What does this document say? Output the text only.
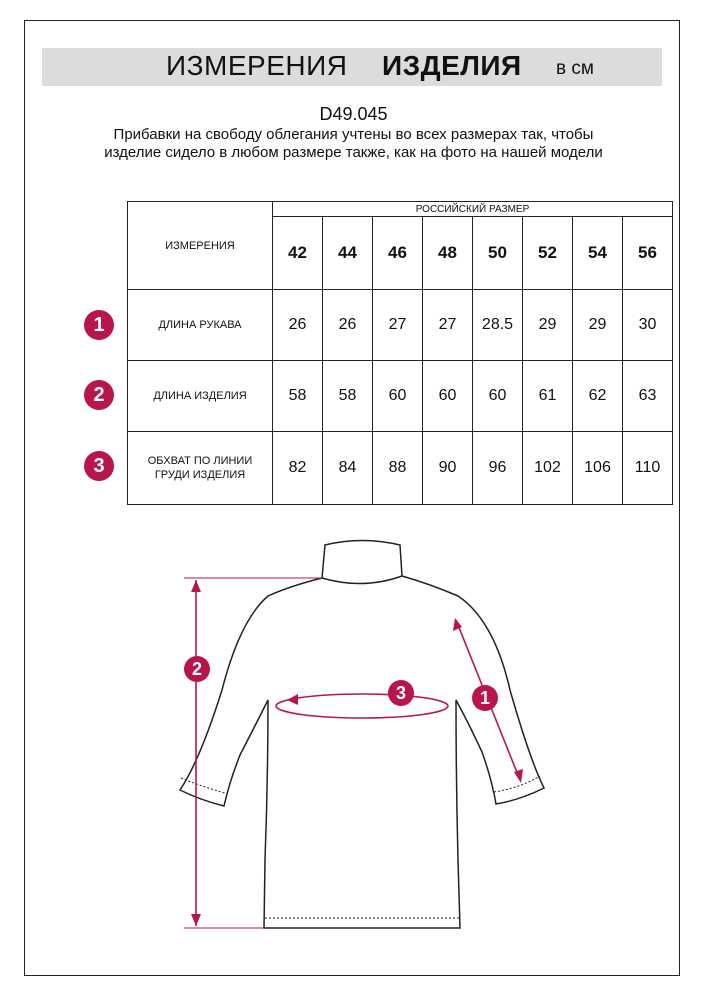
ИЗМЕРЕНИЯ ИЗДЕЛИЯ в см
D49.045
Прибавки на свободу облегания учтены во всех размерах так, чтобы изделие сидело в любом размере также, как на фото на нашей модели
ИЗМЕРЕНИЯ	РОССИЙСКИЙ РАЗМЕР							
	42	44	46	48	50	52	54	56
ДЛИНА РУКАВА	26	26	27	27	28.5	29	29	30
ДЛИНА ИЗДЕЛИЯ	58	58	60	60	60	61	62	63
ОБХВАТ ПО ЛИНИИ ГРУДИ ИЗДЕЛИЯ	82	84	88	90	96	102	106	110
1
2
3
2
3	1
